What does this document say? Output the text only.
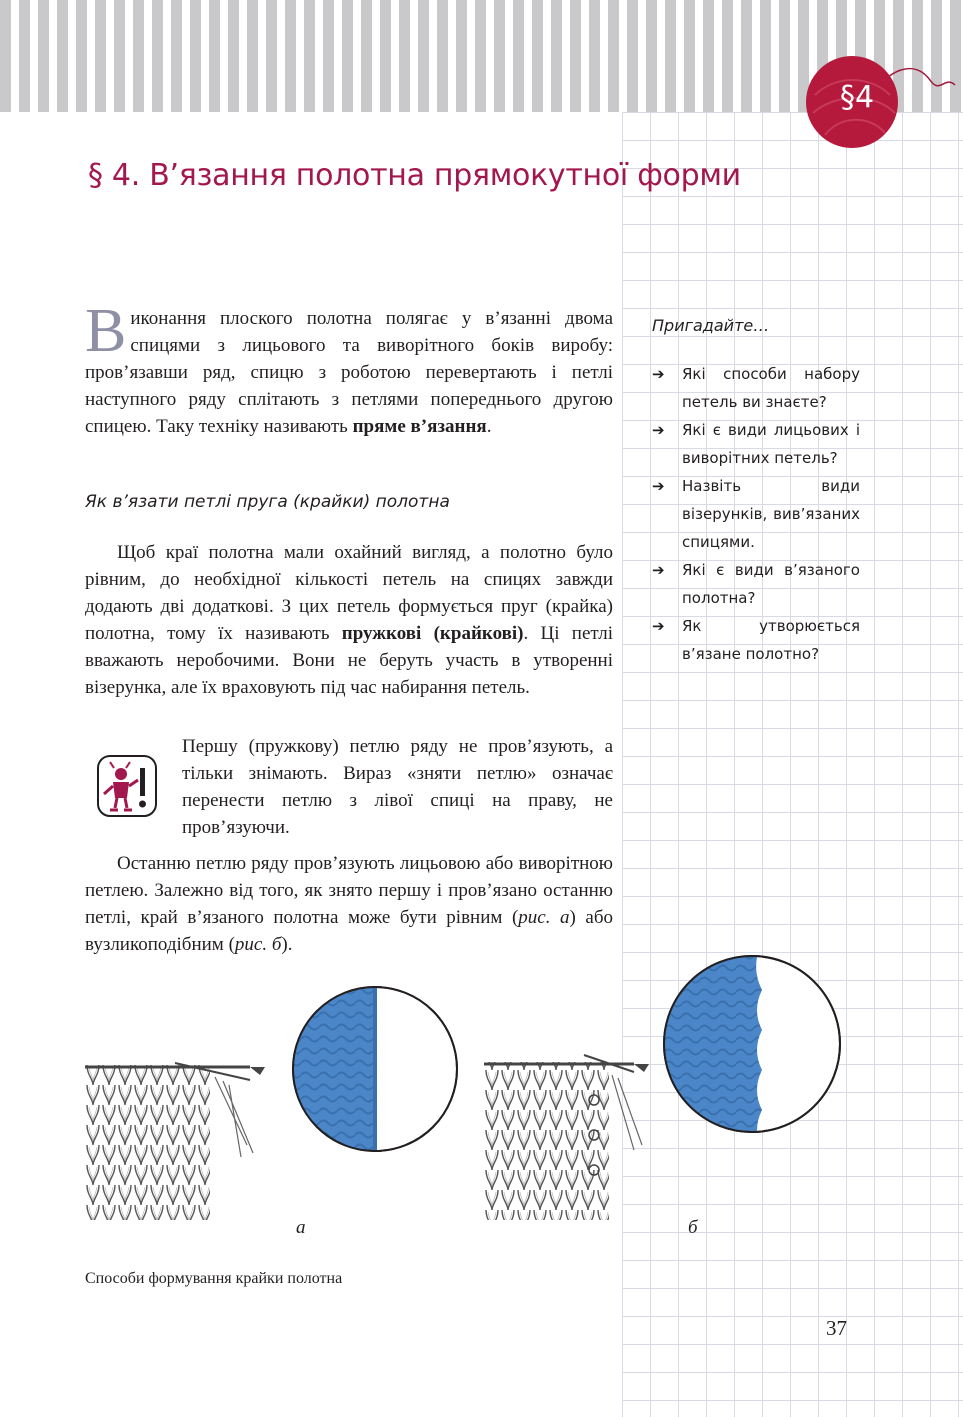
§4
§ 4. В’язання полотна прямокутної форми

Виконання плоского полотна полягає у в’язанні двома спицями з лицьового та виворітного боків виробу: пров’язавши ряд, спицю з роботою перевертають і петлі наступного ряду сплітають з петлями попереднього другою спицею. Таку техніку називають пряме в’язання.

Як в’язати петлі пруга (крайки) полотна

Щоб краї полотна мали охайний вигляд, а полотно було рівним, до необхідної кількості петель на спицях завжди додають дві додаткові. З цих петель формується пруг (крайка) полотна, тому їх називають пружкові (крайкові). Ці петлі вважають неробочими. Вони не беруть участь в утворенні візерунка, але їх враховують під час набирання петель.

Першу (пружкову) петлю ряду не пров’язують, а тільки знімають. Вираз «зняти петлю» означає перенести петлю з лівої спиці на праву, не пров’язуючи.

Останню петлю ряду пров’язують лицьовою або виворітною петлею. Залежно від того, як знято першу і пров’язано останню петлі, край в’язаного полотна може бути рівним (рис. а) або вузликоподібним (рис. б).

Пригадайте…

➔ Які способи набору петель ви знаєте?
➔ Які є види лицьових і виворітних петель?
➔ Назвіть види візерунків, вив’язаних спицями.
➔ Які є види в’язаного полотна?
➔ Як утворюється в’язане полотно?
а	б

Способи формування крайки полотна

37
